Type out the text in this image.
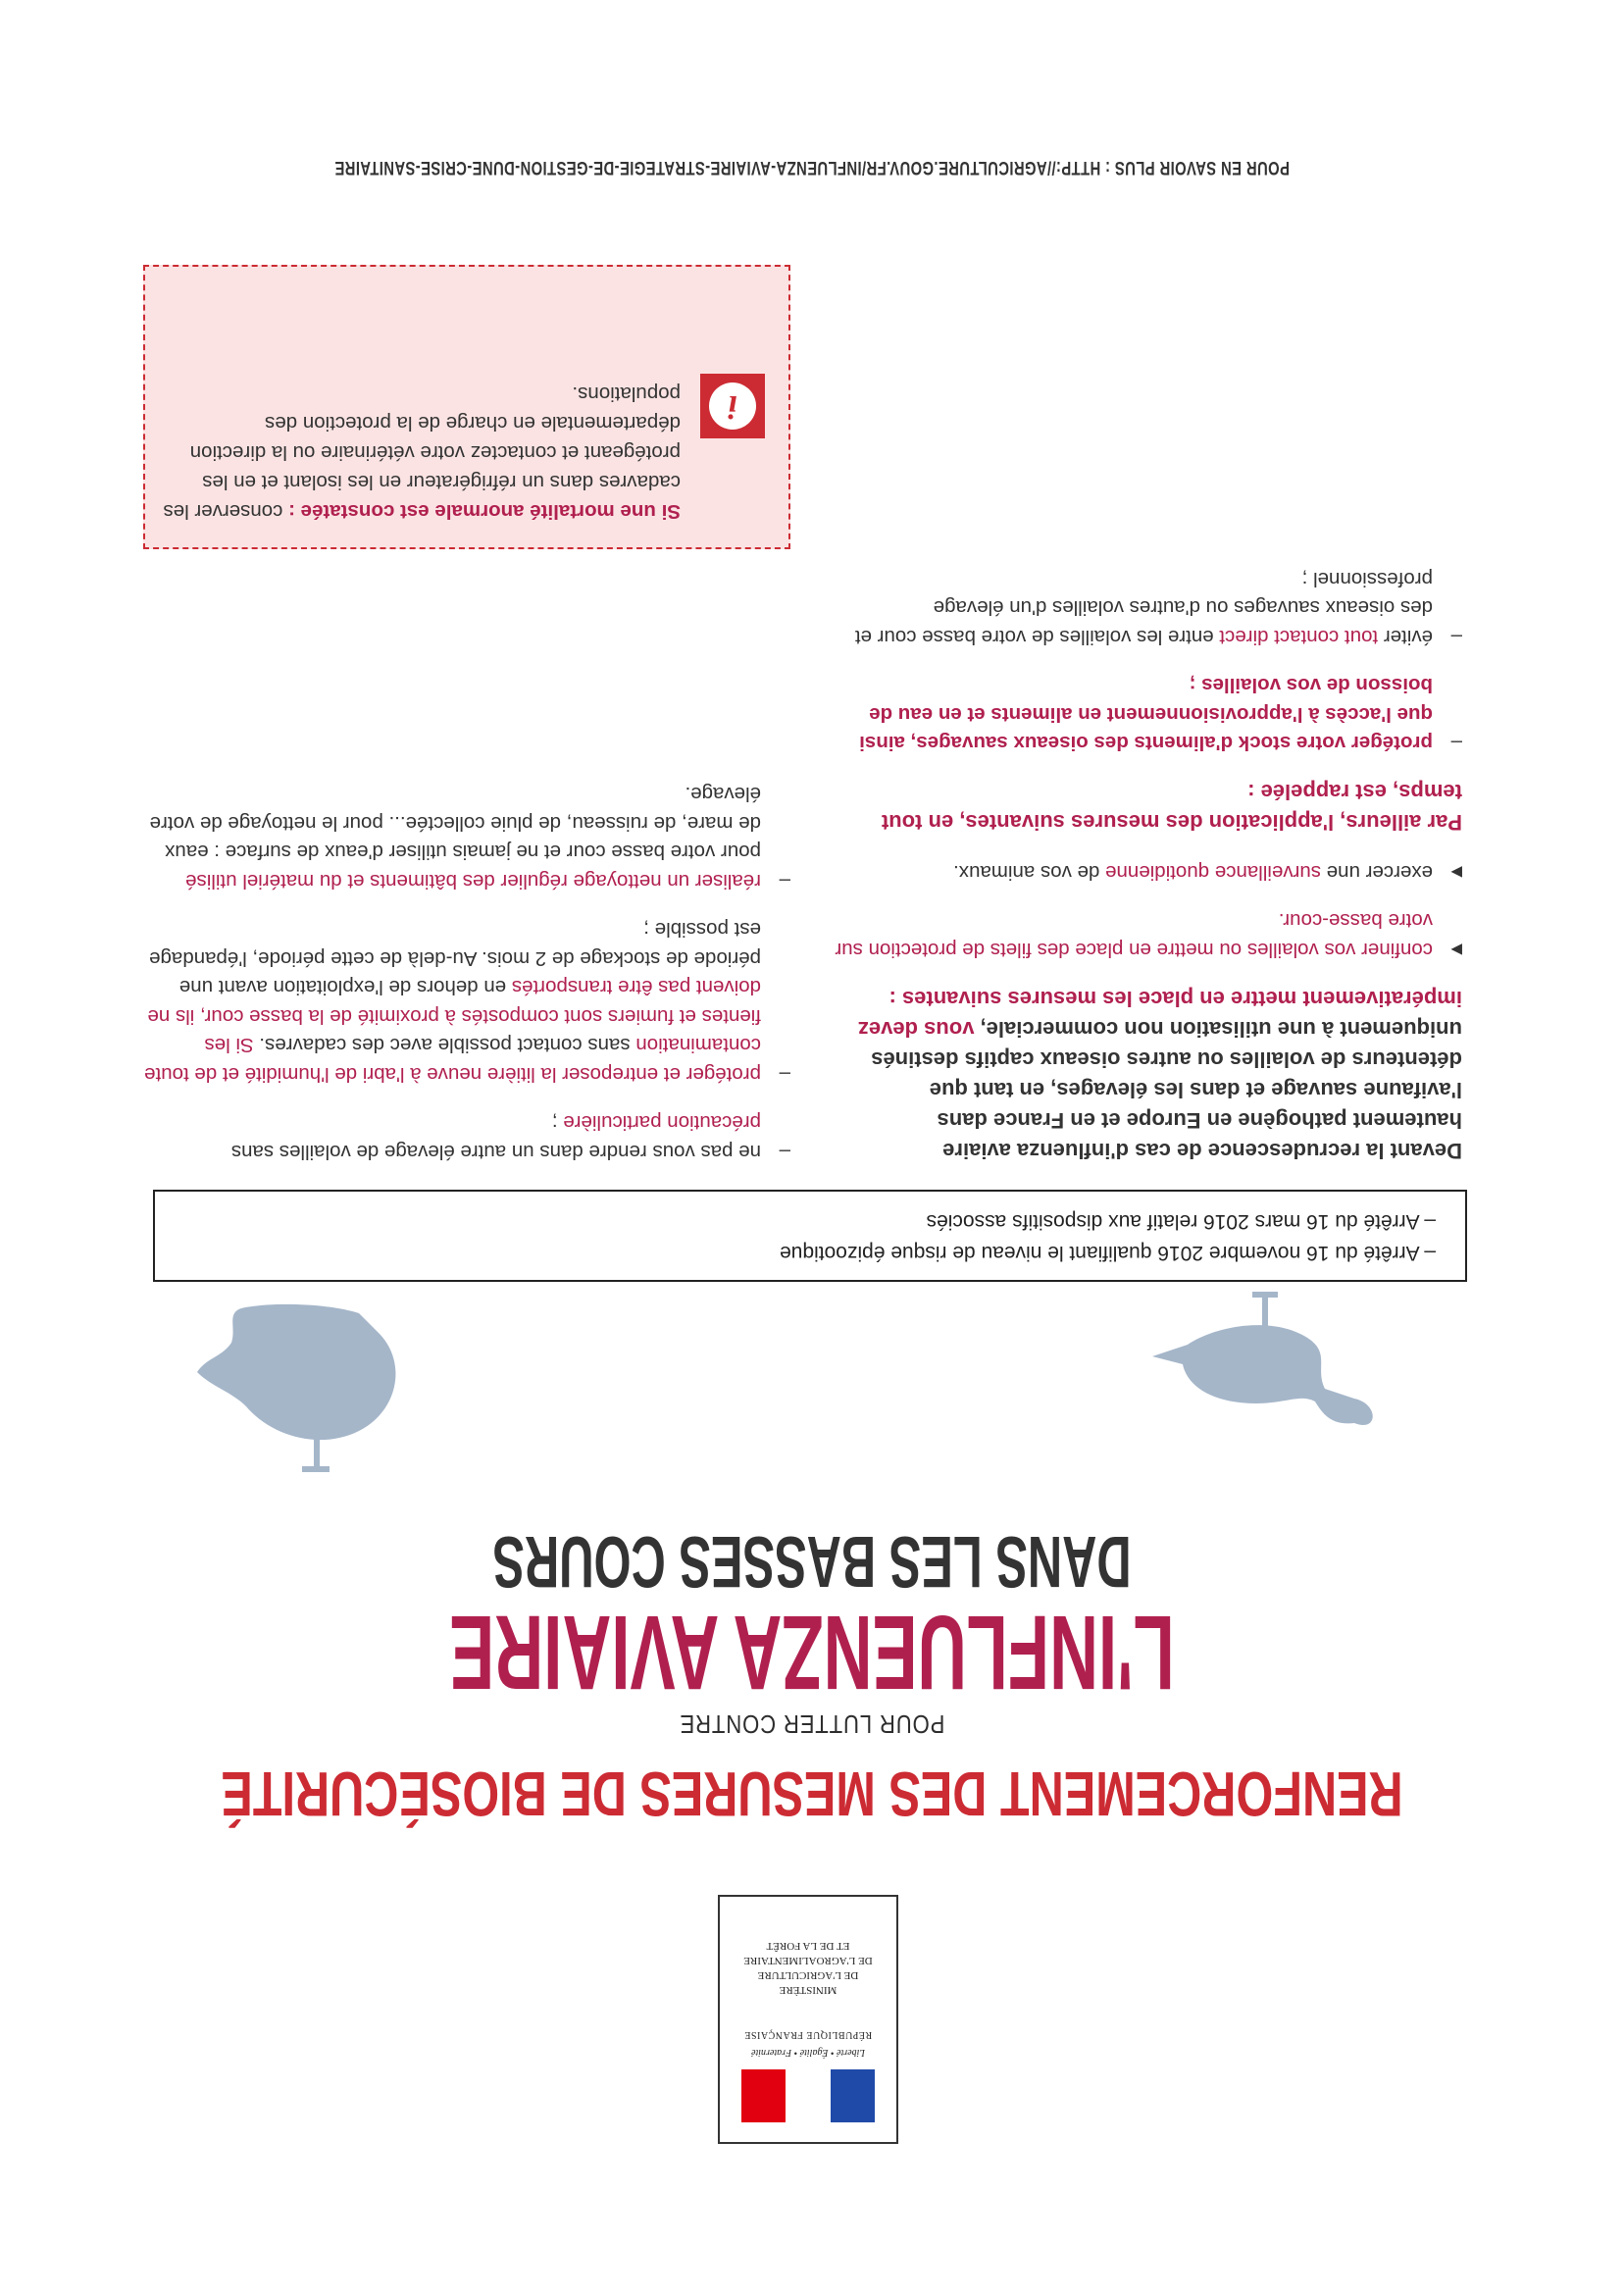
Liberté • Égalité • Fraternité
RÉPUBLIQUE FRANÇAISE
MINISTÈRE
DE L'AGRICULTURE
DE L'AGROALIMENTAIRE
ET DE LA FORÊT
RENFORCEMENT DES MESURES DE BIOSÉCURITÉ
POUR LUTTER CONTRE
L'INFLUENZA AVIAIRE
DANS LES BASSES COURS
– Arrêté du 16 novembre 2016 qualifiant le niveau de risque épizootique
– Arrêté du 16 mars 2016 relatif aux dispositifs associés

Devant la recrudescence de cas d'influenza aviaire hautement pathogène en Europe et en France dans l'avifaune sauvage et dans les élevages, en tant que détenteurs de volailles ou autres oiseaux captifs destinés uniquement à une utilisation non commerciale, vous devez impérativement mettre en place les mesures suivantes :

▶
confiner vos volailles ou mettre en place des filets de protection sur votre basse-cour.

▶
exercer une surveillance quotidienne de vos animaux.

Par ailleurs, l'application des mesures suivantes, en tout temps, est rappelée :

–
protéger votre stock d'aliments des oiseaux sauvages, ainsi que l'accès à l'approvisionnement en aliments et en eau de boisson de vos volailles ;

–
éviter tout contact direct entre les volailles de votre basse cour et des oiseaux sauvages ou d'autres volailles d'un élevage professionnel ;

–
ne pas vous rendre dans un autre élevage de volailles sans précaution particulière ;

–
protéger et entreposer la litière neuve à l'abri de l'humidité et de toute contamination sans contact possible avec des cadavres. Si les fientes et fumiers sont compostés à proximité de la basse cour, ils ne doivent pas être transportés en dehors de l'exploitation avant une période de stockage de 2 mois. Au-delà de cette période, l'épandage est possible ;

–
réaliser un nettoyage régulier des bâtiments et du matériel utilisé pour votre basse cour et ne jamais utiliser d'eaux de surface : eaux de mare, de ruisseau, de pluie collectée... pour le nettoyage de votre élevage.

i
Si une mortalité anormale est constatée : conserver les cadavres dans un réfrigérateur en les isolant et en les protégeant et contactez votre vétérinaire ou la direction départementale en charge de la protection des populations.
POUR EN SAVOIR PLUS : HTTP://AGRICULTURE.GOUV.FR/INFLUENZA-AVIAIRE-STRATEGIE-DE-GESTION-DUNE-CRISE-SANITAIRE
